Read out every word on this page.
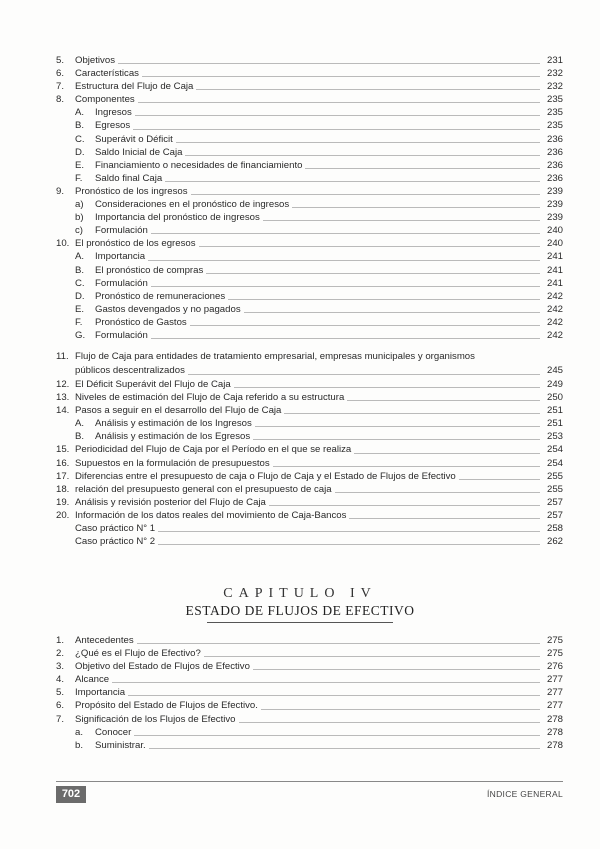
5.	Objetivos	231
6.	Características	232
7.	Estructura del Flujo de Caja	232
8.	Componentes	235
A.	Ingresos	235
B.	Egresos	235
C.	Superávit o Déficit	236
D.	Saldo Inicial de Caja	236
E.	Financiamiento o necesidades de financiamiento	236
F.	Saldo final Caja	236
9.	Pronóstico de los ingresos	239
a)	Consideraciones en el pronóstico de ingresos	239
b)	Importancia del pronóstico de ingresos	239
c)	Formulación	240
10. El pronóstico de los egresos	240
A.	Importancia	241
B.	El pronóstico de compras	241
C.	Formulación	241
D.	Pronóstico de remuneraciones	242
E.	Gastos devengados y no pagados	242
F.	Pronóstico de Gastos	242
G.	Formulación	242
11. Flujo de Caja para entidades de tratamiento empresarial, empresas municipales y organismos
públicos descentralizados	245
12. El Déficit Superávit del Flujo de Caja	249
13. Niveles de estimación del Flujo de Caja referido a su estructura	250
14. Pasos a seguir en el desarrollo del Flujo de Caja	251
A.	Análisis y estimación de los Ingresos	251
B.	Análisis y estimación de los Egresos	253
15. Periodicidad del Flujo de Caja por el Período en el que se realiza	254
16. Supuestos en la formulación de presupuestos	254
17. Diferencias entre el presupuesto de caja o Flujo de Caja y el Estado de Flujos de Efectivo	255
18. relación del presupuesto general con el presupuesto de caja	255
19. Análisis y revisión posterior del Flujo de Caja	257
20. Información de los datos reales del movimiento de Caja-Bancos	257
Caso práctico N° 1	258
Caso práctico N° 2	262
CAPITULO IV
ESTADO DE FLUJOS DE EFECTIVO
1.	Antecedentes	275
2.	¿Qué es el Flujo de Efectivo?	275
3.	Objetivo del Estado de Flujos de Efectivo	276
4.	Alcance	277
5.	Importancia	277
6.	Propósito del Estado de Flujos de Efectivo.	277
7.	Significación de los Flujos de Efectivo	278
a.	Conocer	278
b.	Suministrar.	278
702	ÍNDICE GENERAL
